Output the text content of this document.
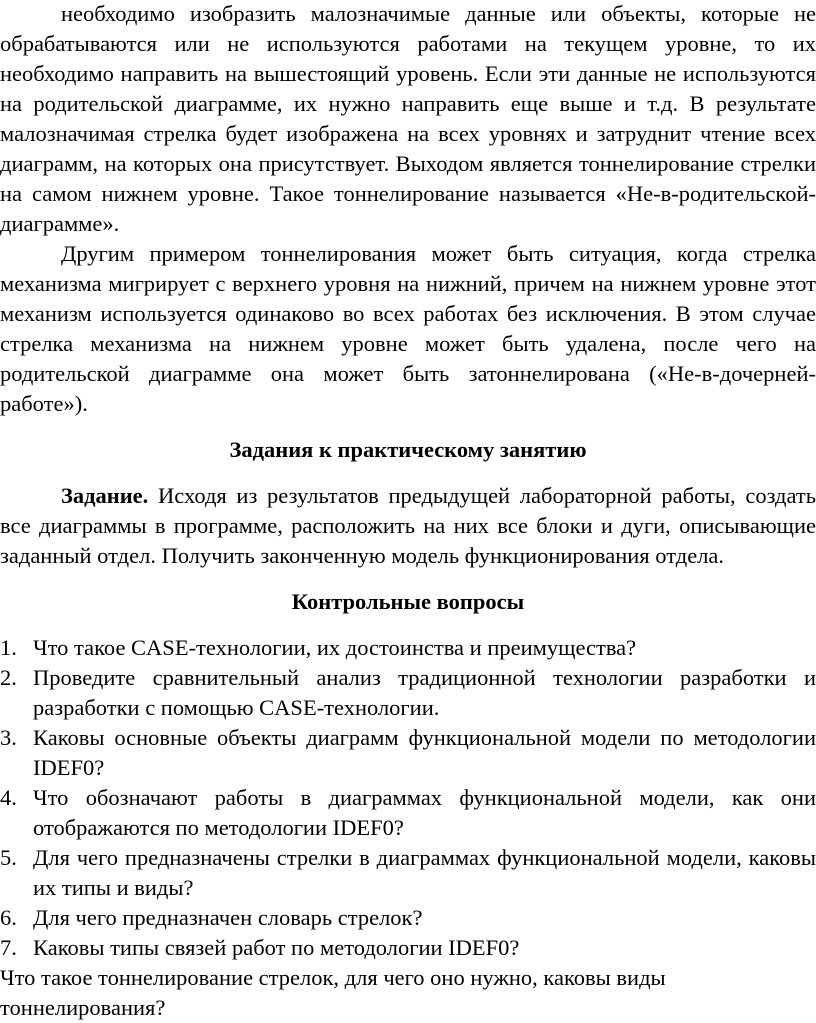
необходимо изобразить малозначимые данные или объекты, которые не обрабатываются или не используются работами на текущем уровне, то их необходимо направить на вышестоящий уровень. Если эти данные не используются на родительской диаграмме, их нужно направить еще выше и т.д. В результате малозначимая стрелка будет изображена на всех уровнях и затруднит чтение всех диаграмм, на которых она присутствует. Выходом является тоннелирование стрелки на самом нижнем уровне. Такое тоннелирование называется «Не-в-родительской-диаграмме».

Другим примером тоннелирования может быть ситуация, когда стрелка механизма мигрирует с верхнего уровня на нижний, причем на нижнем уровне этот механизм используется одинаково во всех работах без исключения. В этом случае стрелка механизма на нижнем уровне может быть удалена, после чего на родительской диаграмме она может быть затоннелирована («Не-в-дочерней-работе»).

Задания к практическому занятию

Задание. Исходя из результатов предыдущей лабораторной работы, создать все диаграммы в программе, расположить на них все блоки и дуги, описывающие заданный отдел. Получить законченную модель функционирования отдела.

Контрольные вопросы

1. Что такое CASE-технологии, их достоинства и преимущества?
2. Проведите сравнительный анализ традиционной технологии разработки и разработки с помощью CASE-технологии.
3. Каковы основные объекты диаграмм функциональной модели по методологии IDEF0?
4. Что обозначают работы в диаграммах функциональной модели, как они отображаются по методологии IDEF0?
5. Для чего предназначены стрелки в диаграммах функциональной модели, каковы их типы и виды?
6. Для чего предназначен словарь стрелок?
7. Каковы типы связей работ по методологии IDEF0?

Что такое тоннелирование стрелок, для чего оно нужно, каковы виды тоннелирования?
